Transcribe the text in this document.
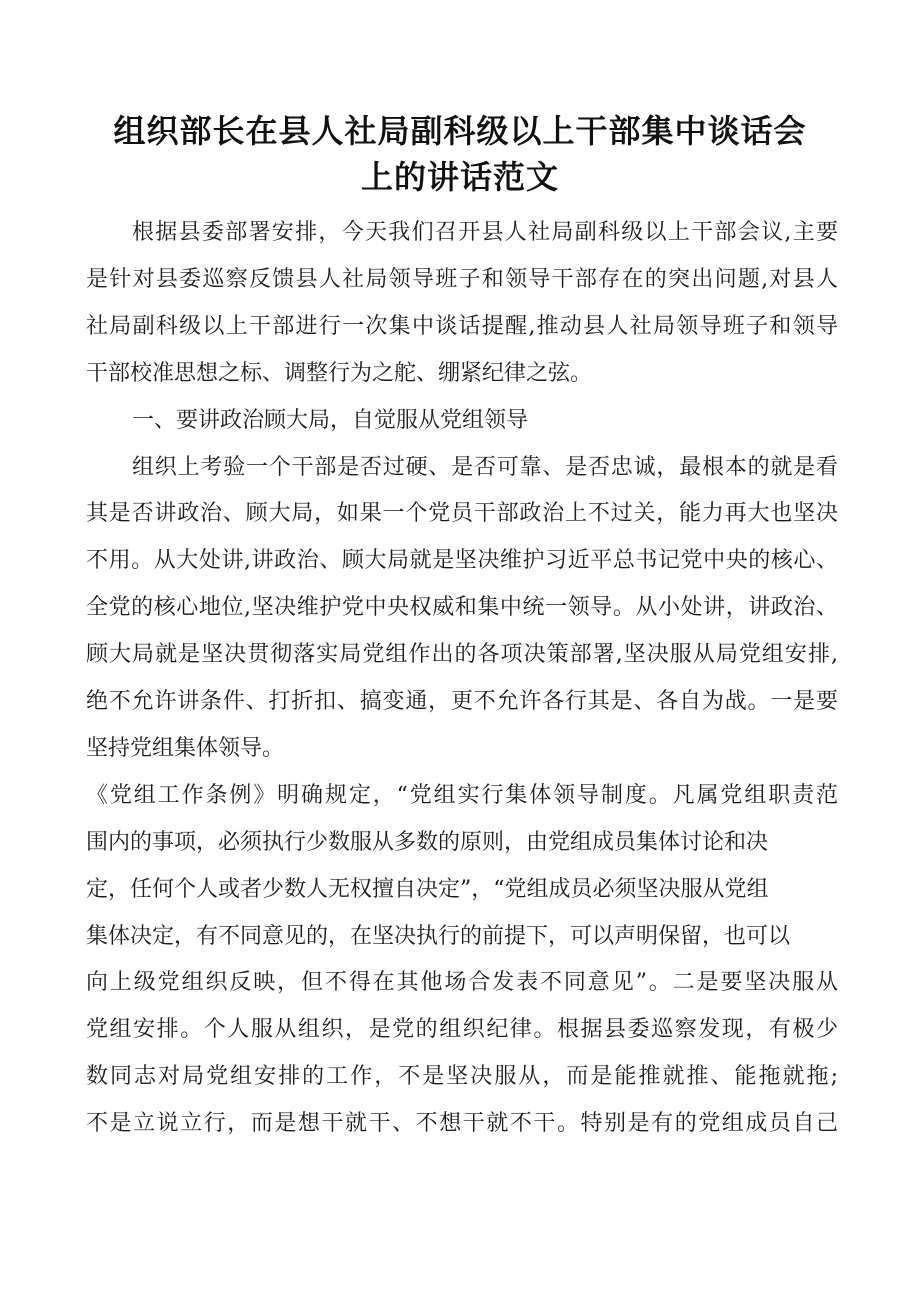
组织部长在县人社局副科级以上干部集中谈话会
上的讲话范文
根据县委部署安排，今天我们召开县人社局副科级以上干部会议,主要
是针对县委巡察反馈县人社局领导班子和领导干部存在的突出问题,对县人
社局副科级以上干部进行一次集中谈话提醒,推动县人社局领导班子和领导
干部校准思想之标、调整行为之舵、绷紧纪律之弦。
一、要讲政治顾大局，自觉服从党组领导
组织上考验一个干部是否过硬、是否可靠、是否忠诚，最根本的就是看
其是否讲政治、顾大局，如果一个党员干部政治上不过关，能力再大也坚决
不用。从大处讲,讲政治、顾大局就是坚决维护习近平总书记党中央的核心、
全党的核心地位,坚决维护党中央权威和集中统一领导。从小处讲，讲政治、
顾大局就是坚决贯彻落实局党组作出的各项决策部署,坚决服从局党组安排,
绝不允许讲条件、打折扣、搞变通，更不允许各行其是、各自为战。一是要
坚持党组集体领导。
《党组工作条例》明确规定，“党组实行集体领导制度。凡属党组职责范
围内的事项，必须执行少数服从多数的原则，由党组成员集体讨论和决
定，任何个人或者少数人无权擅自决定”，“党组成员必须坚决服从党组
集体决定，有不同意见的，在坚决执行的前提下，可以声明保留，也可以
向上级党组织反映，但不得在其他场合发表不同意见”。二是要坚决服从
党组安排。个人服从组织，是党的组织纪律。根据县委巡察发现，有极少
数同志对局党组安排的工作，不是坚决服从，而是能推就推、能拖就拖;
不是立说立行，而是想干就干、不想干就不干。特别是有的党组成员自己
